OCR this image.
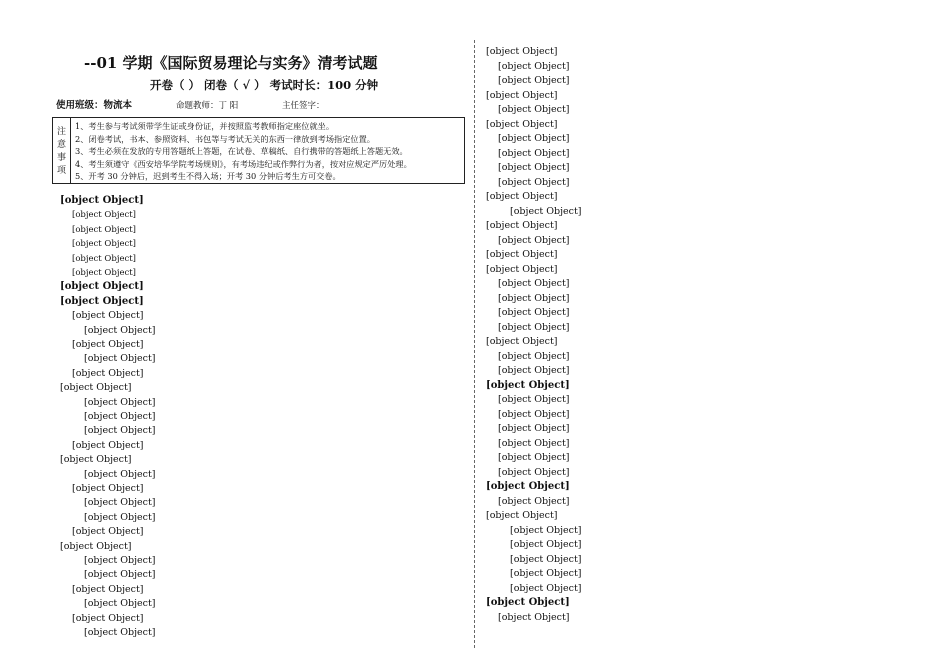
--01 学期《国际贸易理论与实务》清考试题
开卷（ ） 闭卷（ √ ） 考试时长：100 分钟
使用班级：物流本	命题教师：丁 阳	主任签字：
注意事项
1、考生参与考试须带学生证或身份证，并按照监考教师指定座位就坐。
2、闭卷考试，书本、参照资料、书包等与考试无关的东西一律放到考场指定位置。
3、考生必须在发放的专用答题纸上答题，在试卷、草稿纸、自行携带的答题纸上答题无效。
4、考生须遵守《西安培华学院考场规则》，有考场违纪或作弊行为者，按对应规定严厉处理。
5、开考 30 分钟后，迟到考生不得入场；开考 30 分钟后考生方可交卷。
[object Object]
[object Object]
[object Object]
[object Object]
[object Object]
[object Object]
[object Object]
[object Object]
[object Object]
[object Object]
[object Object]
[object Object]
[object Object]
[object Object]
[object Object]
[object Object]
[object Object]
[object Object]
[object Object]
[object Object]
[object Object]
[object Object]
[object Object]
[object Object]
[object Object]
[object Object]
[object Object]
[object Object]
[object Object]
[object Object]
[object Object]
[object Object]
[object Object]
[object Object]
[object Object]
[object Object]
[object Object]
[object Object]
[object Object]
[object Object]
[object Object]
[object Object]
[object Object]
[object Object]
[object Object]
[object Object]
[object Object]
[object Object]
[object Object]
[object Object]
[object Object]
[object Object]
[object Object]
[object Object]
[object Object]
[object Object]
[object Object]
[object Object]
[object Object]
[object Object]
[object Object]
[object Object]
[object Object]
[object Object]
[object Object]
[object Object]
[object Object]
[object Object]
[object Object]
[object Object]
[object Object]
